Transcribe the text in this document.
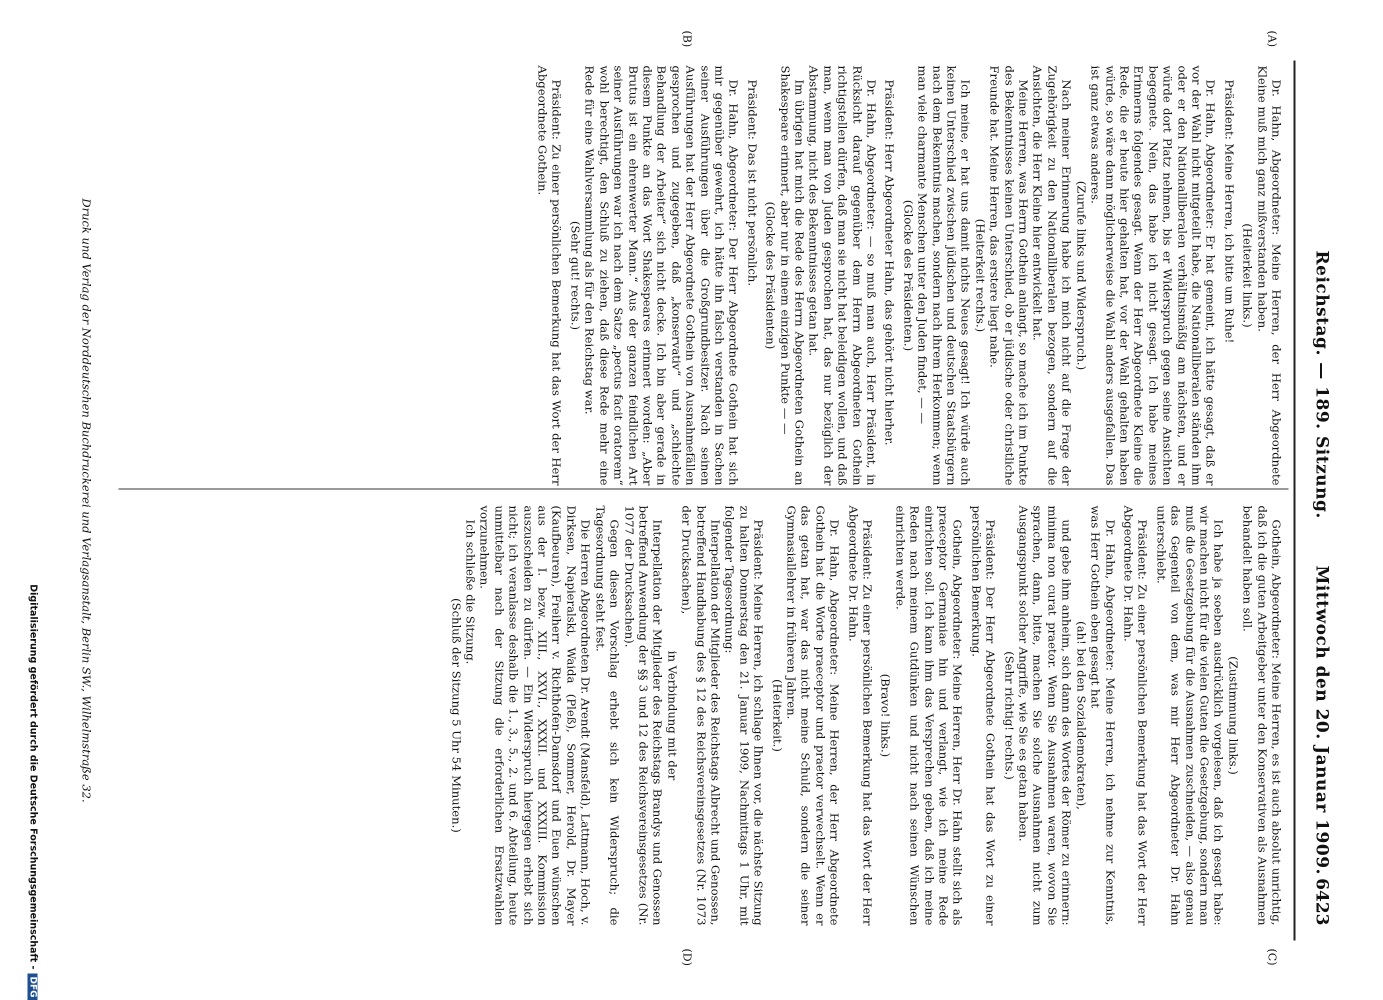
Reichstag. — 189. Sitzung.
Mittwoch den 20. Januar 1909.
6423
(A)
(B)
(C)
(D)

Dr. Hahn, Abgeordneter: Meine Herren, der Herr Abgeordnete Kleine muß mich ganz mißverstanden haben.

(Heiterkeit links.)

Präsident: Meine Herren, ich bitte um Ruhe!

Dr. Hahn, Abgeordneter: Er hat gemeint, ich hätte gesagt, daß er vor der Wahl nicht mitgeteilt habe, die Nationalliberalen ständen ihm oder er den Nationalliberalen verhältnismäßig am nächsten, und er würde dort Platz nehmen, bis er Widerspruch gegen seine Ansichten begegnete. Nein, das habe ich nicht gesagt. Ich habe meines Erinnerns folgendes gesagt. Wenn der Herr Abgeordnete Kleine die Rede, die er heute hier gehalten hat, vor der Wahl gehalten haben würde, so wäre dann möglicherweise die Wahl anders ausgefallen. Das ist ganz etwas anderes.

(Zurufe links und Widerspruch.)

Nach meiner Erinnerung habe ich mich nicht auf die Frage der Zugehörigkeit zu den Nationalliberalen bezogen, sondern auf die Ansichten, die Herr Kleine hier entwickelt hat.

Meine Herren, was Herrn Gothein anlangt, so mache ich im Punkte des Bekenntnisses keinen Unterschied, ob er jüdische oder christliche Freunde hat. Meine Herren, das erstere liegt nahe.

(Heiterkeit rechts.)

Ich meine, er hat uns damit nichts Neues gesagt! Ich würde auch keinen Unterschied zwischen jüdischen und deutschen Staatsbürgern nach dem Bekenntnis machen, sondern nach ihrem Herkommen; wenn man viele charmante Menschen unter den Juden findet, — —

(Glocke des Präsidenten.)

Präsident: Herr Abgeordneter Hahn, das gehört nicht hierher.

Dr. Hahn, Abgeordneter: — so muß man auch, Herr Präsident, in Rücksicht darauf gegenüber dem Herrn Abgeordneten Gothein richtigstellen dürfen, daß man sie nicht hat beleidigen wollen, und daß man, wenn man von Juden gesprochen hat, das nur bezüglich der Abstammung, nicht des Bekenntnisses getan hat.

Im übrigen hat mich die Rede des Herrn Abgeordneten Gothein an Shakespeare erinnert, aber nur in einem einzigen Punkte — —

(Glocke des Präsidenten)

Präsident: Das ist nicht persönlich.

Dr. Hahn, Abgeordneter: Der Herr Abgeordnete Gothein hat sich mir gegenüber gewehrt, ich hätte ihn falsch verstanden in Sachen seiner Ausführungen über die Großgrundbesitzer. Nach seinen Ausführungen hat der Herr Abgeordnete Gothein von Ausnahmefällen gesprochen und zugegeben, daß „konservativ“ und „schlechte Behandlung der Arbeiter“ sich nicht decke. Ich bin aber gerade in diesem Punkte an das Wort Shakespeares erinnert worden: „Aber Brutus ist ein ehrenwerter Mann.“ Aus der ganzen feindlichen Art seiner Ausführungen war ich nach dem Satze „pectus facit oratorem“ wohl berechtigt, den Schluß zu ziehen, daß diese Rede mehr eine Rede für eine Wahlversammlung als für den Reichstag war.

(Sehr gut! rechts.)

Präsident: Zu einer persönlichen Bemerkung hat das Wort der Herr Abgeordnete Gothein.

Gothein, Abgeordneter: Meine Herren, es ist auch absolut unrichtig, daß ich die guten Arbeitgeber unter den Konservativen als Ausnahmen behandelt haben soll.

(Zustimmung links.)

Ich habe ja soeben ausdrücklich vorgelesen, daß ich gesagt habe: wir machen nicht für die vielen Guten die Gesetzgebung, sondern man muß die Gesetzgebung für die Ausnahmen zuschneiden, — also genau das Gegenteil von dem, was mir Herr Abgeordneter Dr. Hahn unterschiebt.

Präsident: Zu einer persönlichen Bemerkung hat das Wort der Herr Abgeordnete Dr. Hahn.

Dr. Hahn, Abgeordneter: Meine Herren, ich nehme zur Kenntnis, was Herr Gothein eben gesagt hat

(ah! bei den Sozialdemokraten),

und gebe ihm anheim, sich dann des Wortes der Römer zu erinnern: minima non curat praetor. Wenn Sie Ausnahmen waren, wovon Sie sprachen, dann, bitte, machen Sie solche Ausnahmen nicht zum Ausgangspunkt solcher Angriffe, wie Sie es getan haben.

(Sehr richtig! rechts.)

Präsident: Der Herr Abgeordnete Gothein hat das Wort zu einer persönlichen Bemerkung.

Gothein, Abgeordneter: Meine Herren, Herr Dr. Hahn stellt sich als praeceptor Germaniae hin und verlangt, wie ich meine Rede einrichten soll. Ich kann ihm das Versprechen geben, daß ich meine Reden nach meinem Gutdünken und nicht nach seinen Wünschen einrichten werde.

(Bravo! links.)

Präsident: Zu einer persönlichen Bemerkung hat das Wort der Herr Abgeordnete Dr. Hahn.

Dr. Hahn, Abgeordneter: Meine Herren, der Herr Abgeordnete Gothein hat die Worte praeceptor und praetor verwechselt. Wenn er das getan hat, war das nicht meine Schuld, sondern die seiner Gymnasiallehrer in früheren Jahren.

(Heiterkeit.)

Präsident: Meine Herren, ich schlage Ihnen vor, die nächste Sitzung zu halten Donnerstag den 21. Januar 1909, Nachmittags 1 Uhr, mit folgender Tagesordnung:

Interpellation der Mitglieder des Reichstags Albrecht und Genossen, betreffend Handhabung des § 12 des Reichsvereinsgesetzes (Nr. 1073 der Drucksachen),

in Verbindung mit der

Interpellation der Mitglieder des Reichstags Brandys und Genossen betreffend Anwendung der §§ 3 und 12 des Reichsvereinsgesetzes (Nr. 1077 der Drucksachen).

Gegen diesen Vorschlag erhebt sich kein Widerspruch; die Tagesordnung steht fest.

Die Herren Abgeordneten Dr. Arendt (Mansfeld), Lattmann, Hoch, v. Dirksen, Napieralski, Waida (Pleß), Sommer, Herold, Dr. Mayer (Kaufbeuren), Freiherr v. Richthofen-Damsdorf und Euen wünschen aus der I. bezw. XIII., XXVI., XXXII. und XXXIII. Kommission auszuscheiden zu dürfen. — Ein Widerspruch hiergegen erhebt sich nicht; ich veranlasse deshalb die 1., 3., 5., 2. und 6. Abteilung, heute unmittelbar nach der Sitzung die erforderlichen Ersatzwahlen vorzunehmen.

Ich schließe die Sitzung.

(Schluß der Sitzung 5 Uhr 54 Minuten.)

Druck und Verlag der Norddeutschen Buchdruckerei und Verlagsanstalt, Berlin SW., Wilhelmstraße 32.
Digitalisierung gefördert durch die Deutsche Forschungsgemeinschaft -DFG
